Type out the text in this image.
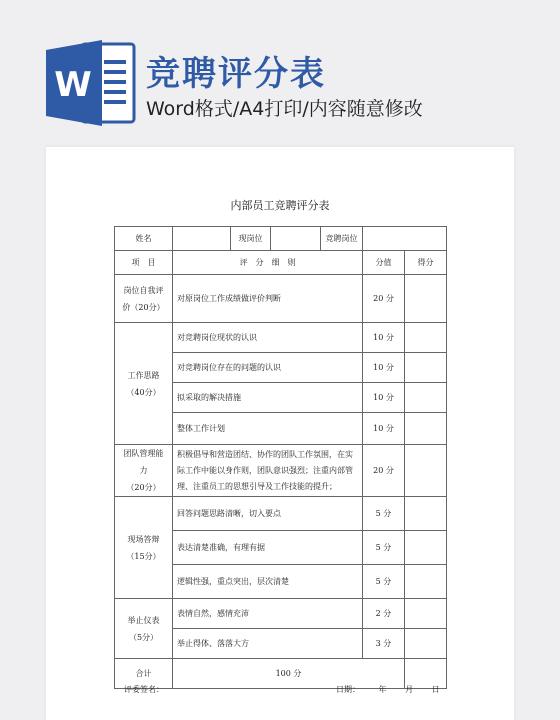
W 竞聘评分表
Word格式/A4打印/内容随意修改
内部员工竞聘评分表
姓名		现岗位		竞聘岗位		
项　目	评　分　细　则				分值	得分

岗位自我评
价（20分）	对原岗位工作成绩做评价判断				20 分	

工作思路
（40分）	对竞聘岗位现状的认识				10 分	
	对竞聘岗位存在的问题的认识				10 分	
	拟采取的解决措施				10 分	
	整体工作计划				10 分	

团队管理能
力
（20分）	积极倡导和营造团结、协作的团队工作氛围，在实际工作中能以身作则，团队意识强烈；注重内部管理、注重员工的思想引导及工作技能的提升；				20 分	

现场答辩
（15分）	回答问题思路清晰，切入要点				5 分	
	表达清楚准确，有理有据				5 分	
	逻辑性强，重点突出，层次清楚				5 分	

举止仪表
（5分）	表情自然，感情充沛				2 分	
	举止得体、落落大方				3 分	
合计	100 分					
评委签名：	日期： 年 月 日
